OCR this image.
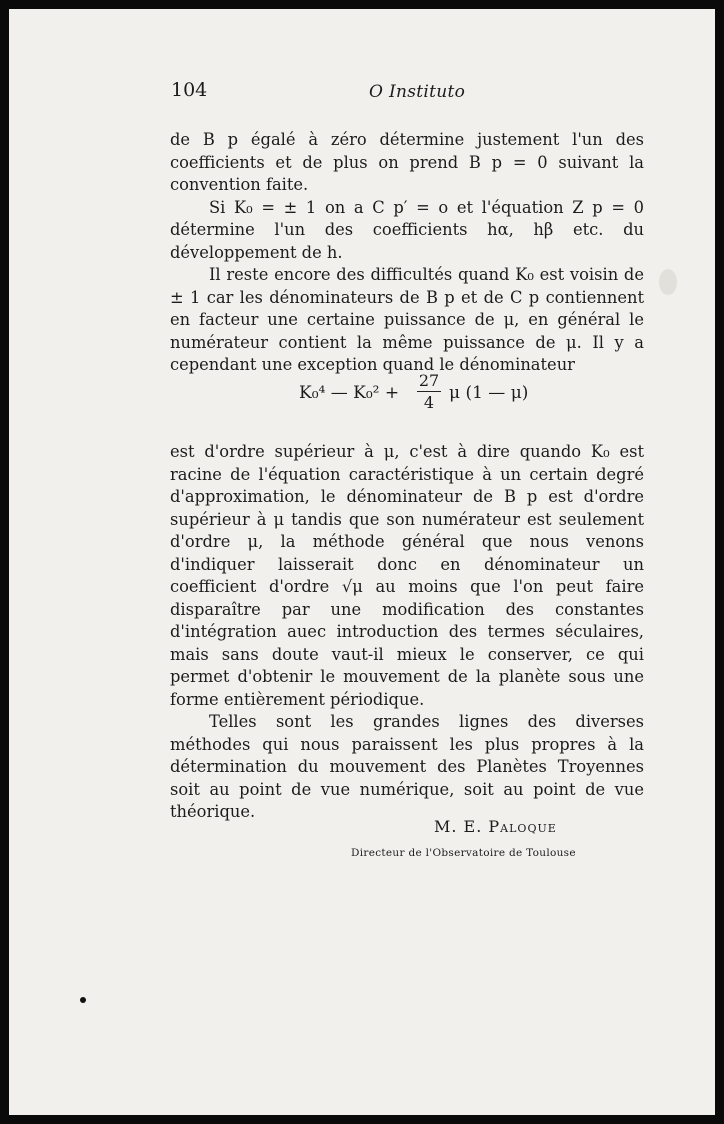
104	O Instituto

de B p égalé à zéro détermine justement l'un des coefficients et de plus on prend B p = 0 suivant la convention faite.

Si K₀ = ± 1 on a C p′ = o et l'équation Z p = 0 détermine l'un des coefficients hα, hβ etc. du développement de h.

Il reste encore des difficultés quand K₀ est voisin de ± 1 car les dénominateurs de B p et de C p contiennent en facteur une certaine puissance de μ, en général le numérateur contient la même puissance de μ. Il y a cependant une exception quand le dénominateur

K₀⁴ — $K_0^2 + \frac{27}{4}$ μ (1 — μ)

est d'ordre supérieur à μ, c'est à dire quando K₀ est racine de l'équation caractéristique à un certain degré d'approximation, le dénominateur de B p est d'ordre supérieur à μ tandis que son numérateur est seulement d'ordre μ, la méthode général que nous venons d'indiquer laisserait donc en dénominateur un coefficient d'ordre √μ au moins que l'on peut faire disparaître par une modification des constantes d'intégration auec introduction des termes séculaires, mais sans doute vaut-il mieux le conserver, ce qui permet d'obtenir le mouvement de la planète sous une forme entièrement périodique.

Telles sont les grandes lignes des diverses méthodes qui nous paraissent les plus propres à la détermination du mouvement des Planètes Troyennes soit au point de vue numérique, soit au point de vue théorique.

M. E. Paloque
Directeur de l'Observatoire de Toulouse
